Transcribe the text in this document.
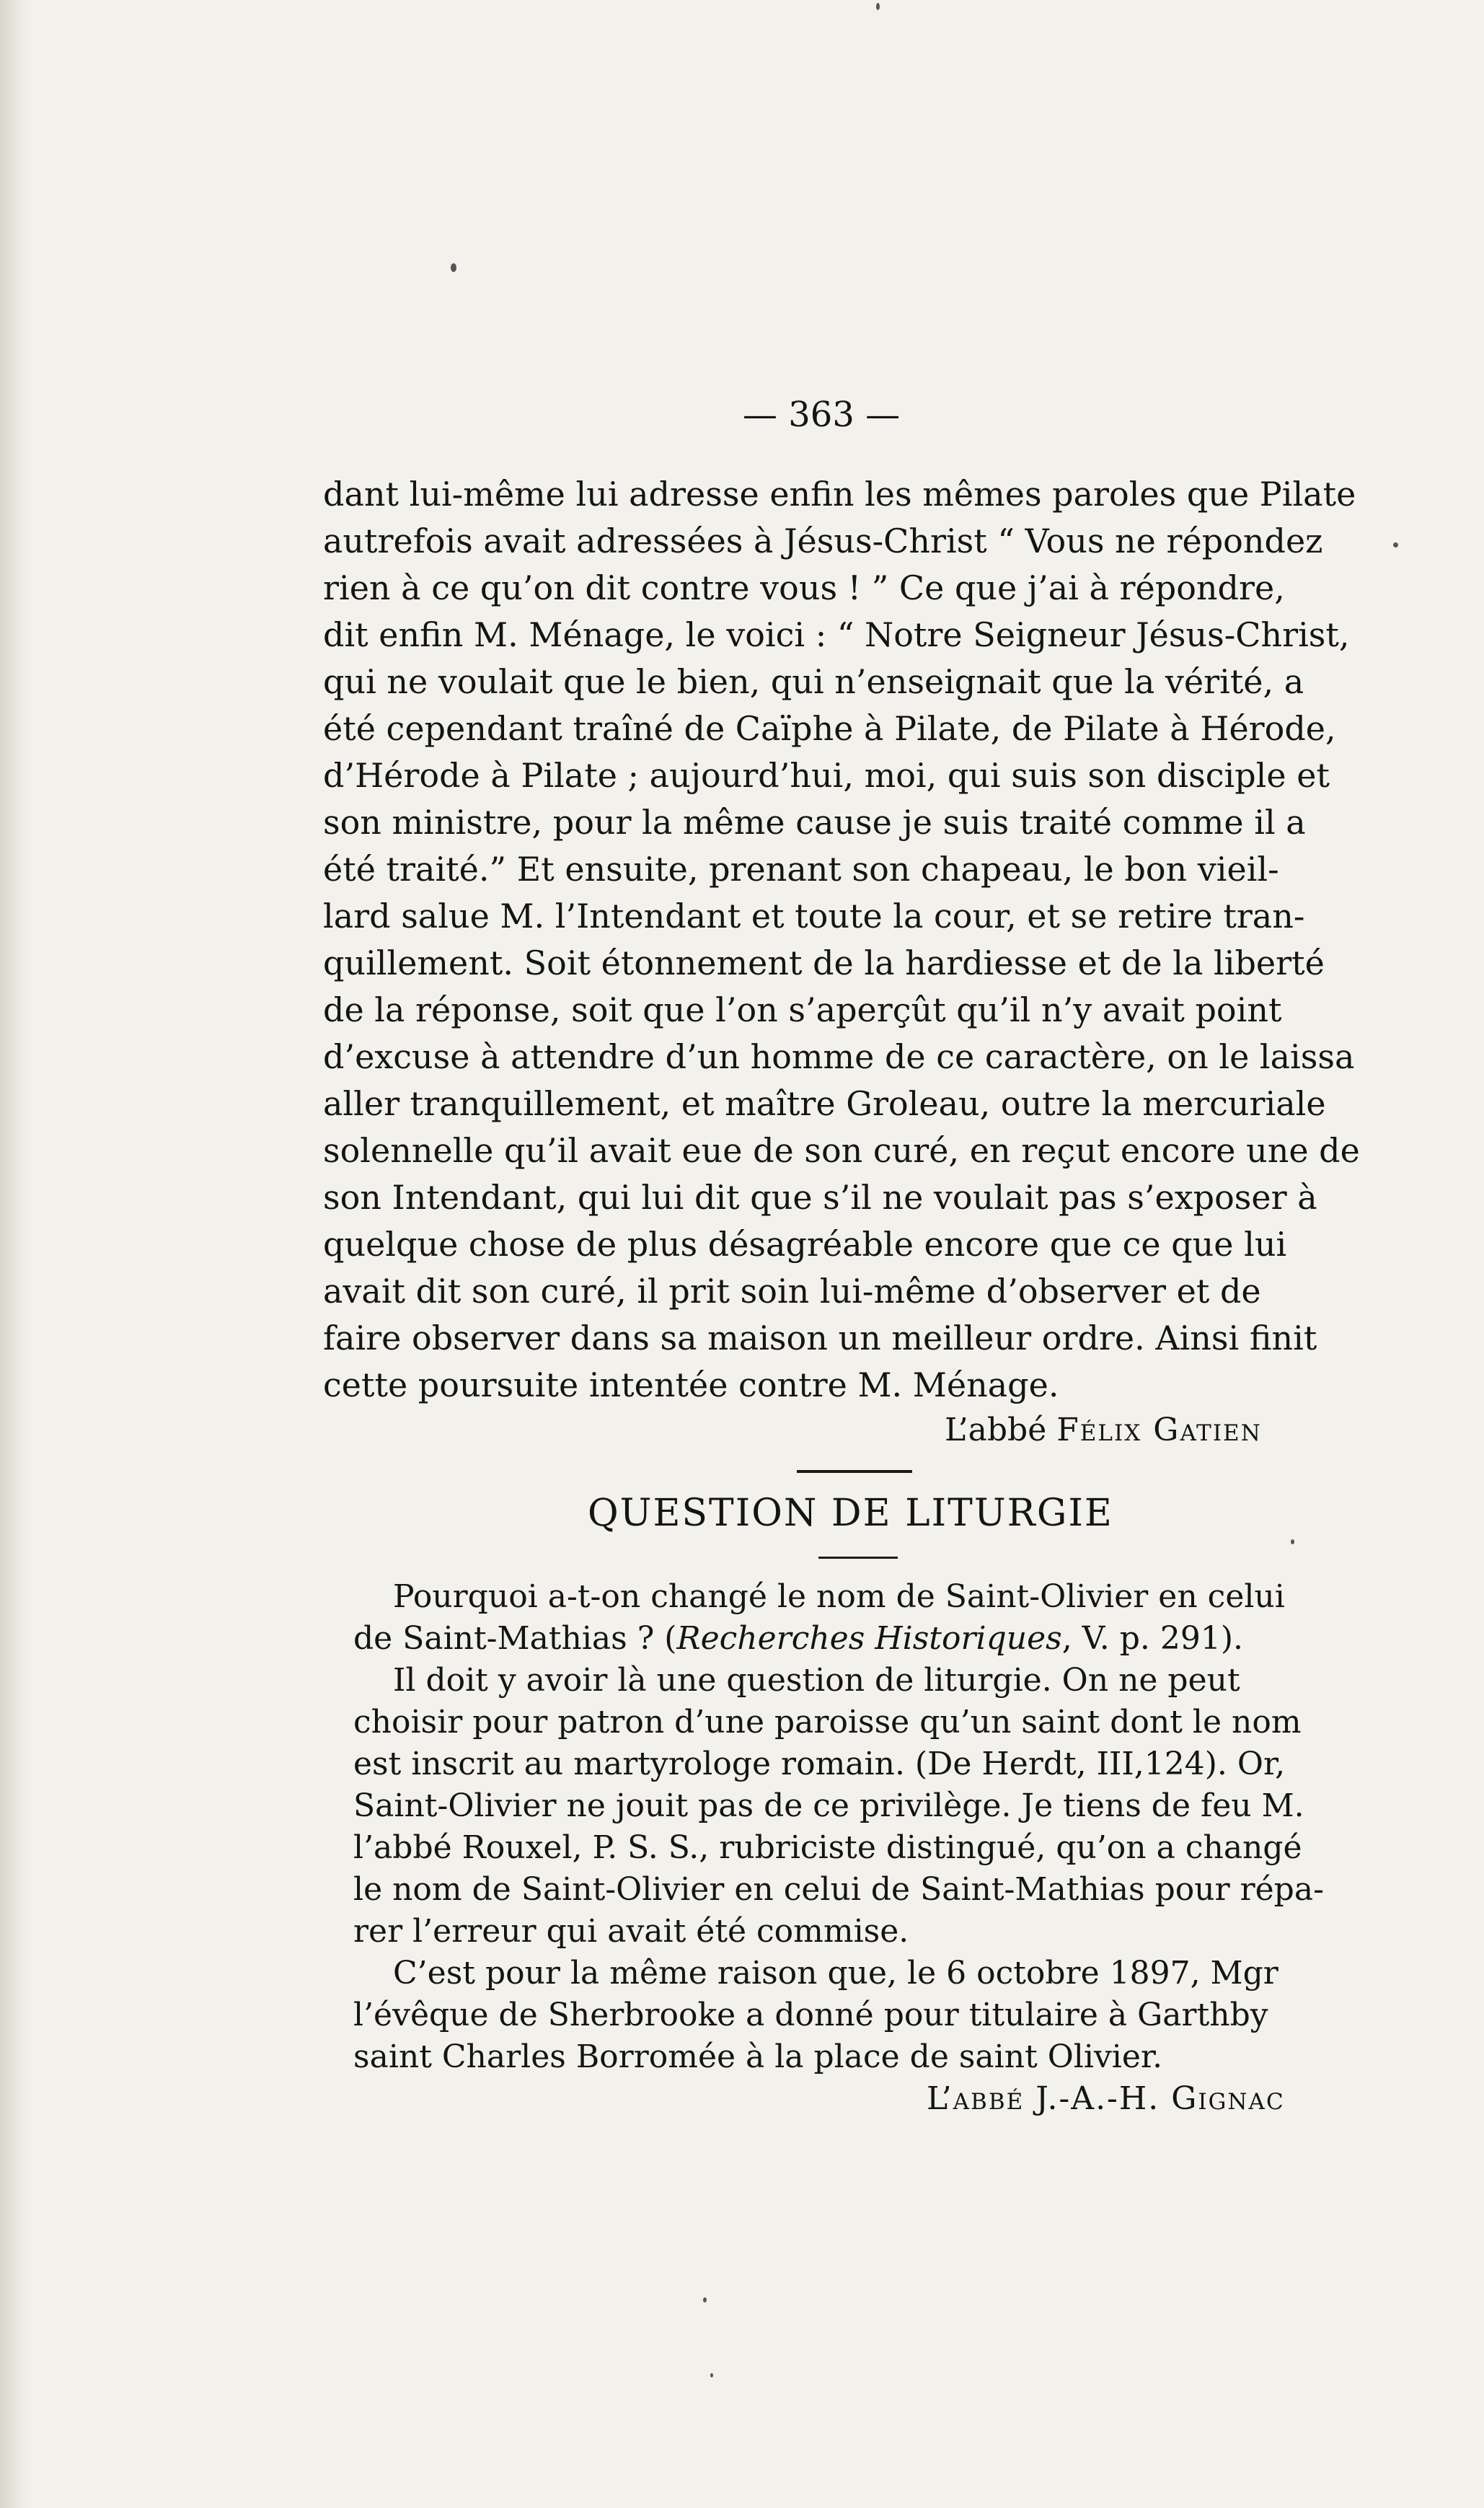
— 363 —
dant lui-même lui adresse enfin les mêmes paroles que Pilate
autrefois avait adressées à Jésus-Christ “ Vous ne répondez
rien à ce qu’on dit contre vous ! ” Ce que j’ai à répondre,
dit enfin M. Ménage, le voici : “ Notre Seigneur Jésus-Christ,
qui ne voulait que le bien, qui n’enseignait que la vérité, a
été cependant traîné de Caïphe à Pilate, de Pilate à Hérode,
d’Hérode à Pilate ; aujourd’hui, moi, qui suis son disciple et
son ministre, pour la même cause je suis traité comme il a
été traité.” Et ensuite, prenant son chapeau, le bon vieil-
lard salue M. l’Intendant et toute la cour, et se retire tran-
quillement. Soit étonnement de la hardiesse et de la liberté
de la réponse, soit que l’on s’aperçût qu’il n’y avait point
d’excuse à attendre d’un homme de ce caractère, on le laissa
aller tranquillement, et maître Groleau, outre la mercuriale
solennelle qu’il avait eue de son curé, en reçut encore une de
son Intendant, qui lui dit que s’il ne voulait pas s’exposer à
quelque chose de plus désagréable encore que ce que lui
avait dit son curé, il prit soin lui-même d’observer et de
faire observer dans sa maison un meilleur ordre. Ainsi finit
cette poursuite intentée contre M. Ménage.
L’abbé Félix Gatien
QUESTION DE LITURGIE
Pourquoi a-t-on changé le nom de Saint-Olivier en celui
de Saint-Mathias ? (Recherches Historiques, V. p. 291).
Il doit y avoir là une question de liturgie. On ne peut
choisir pour patron d’une paroisse qu’un saint dont le nom
est inscrit au martyrologe romain. (De Herdt, III,124). Or,
Saint-Olivier ne jouit pas de ce privilège. Je tiens de feu M.
l’abbé Rouxel, P. S. S., rubriciste distingué, qu’on a changé
le nom de Saint-Olivier en celui de Saint-Mathias pour répa-
rer l’erreur qui avait été commise.
C’est pour la même raison que, le 6 octobre 1897, Mgr
l’évêque de Sherbrooke a donné pour titulaire à Garthby
saint Charles Borromée à la place de saint Olivier.
L’abbé J.-A.-H. Gignac
